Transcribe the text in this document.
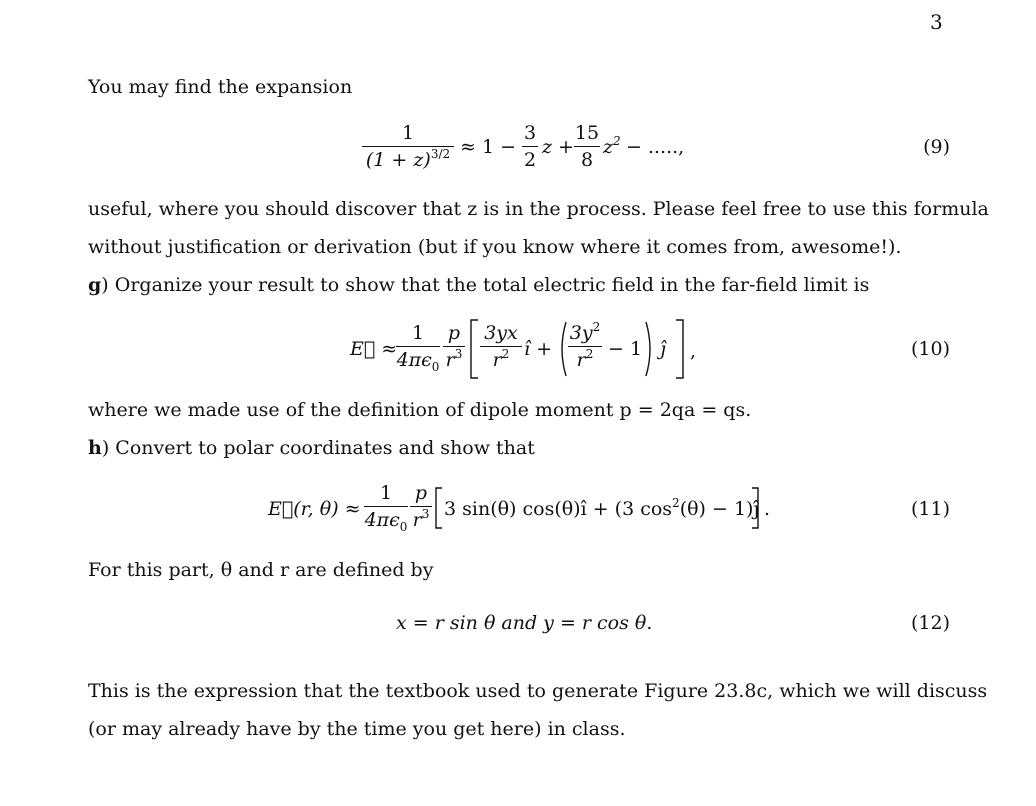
3
You may find the expansion
$\frac{1}{(1 + z)^{3/2}} \approx 1 - \frac{3}{2}$ $z + \frac{15}{8} z^2$ − .....,	(9)
useful, where you should discover that z is in the process. Please feel free to use this formula
without justification or derivation (but if you know where it comes from, awesome!).
g) Organize your result to show that the total electric field in the far-field limit is
E⃗ ≈
$\frac{1}{4\pi\epsilon_0} \frac{p}{r^3} \frac{3yx}{r^2}$ î + $\frac{3y^2}{r^2} - 1$ ĵ ,	(10)
where we made use of the definition of dipole moment p = 2qa = qs.
h) Convert to polar coordinates and show that
E⃗(r, $\theta) \approx \frac{1}{4\pi\epsilon_0} \frac{p}{r^3} 3$ sin(θ) cos(θ)î + (3 $\cos^2(\theta)$ − 1)ĵ .	(11)
For this part, θ and r are defined by
x = r sin θ and y = r cos θ.	(12)
This is the expression that the textbook used to generate Figure 23.8c, which we will discuss
(or may already have by the time you get here) in class.
